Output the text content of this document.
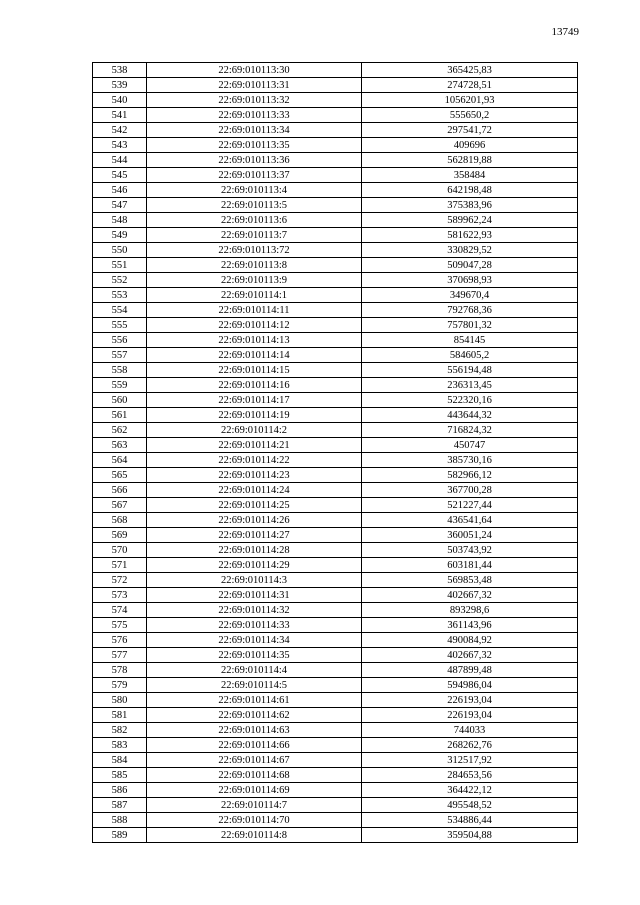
13749
538	22:69:010113:30	365425,83
539	22:69:010113:31	274728,51
540	22:69:010113:32	1056201,93
541	22:69:010113:33	555650,2
542	22:69:010113:34	297541,72
543	22:69:010113:35	409696
544	22:69:010113:36	562819,88
545	22:69:010113:37	358484
546	22:69:010113:4	642198,48
547	22:69:010113:5	375383,96
548	22:69:010113:6	589962,24
549	22:69:010113:7	581622,93
550	22:69:010113:72	330829,52
551	22:69:010113:8	509047,28
552	22:69:010113:9	370698,93
553	22:69:010114:1	349670,4
554	22:69:010114:11	792768,36
555	22:69:010114:12	757801,32
556	22:69:010114:13	854145
557	22:69:010114:14	584605,2
558	22:69:010114:15	556194,48
559	22:69:010114:16	236313,45
560	22:69:010114:17	522320,16
561	22:69:010114:19	443644,32
562	22:69:010114:2	716824,32
563	22:69:010114:21	450747
564	22:69:010114:22	385730,16
565	22:69:010114:23	582966,12
566	22:69:010114:24	367700,28
567	22:69:010114:25	521227,44
568	22:69:010114:26	436541,64
569	22:69:010114:27	360051,24
570	22:69:010114:28	503743,92
571	22:69:010114:29	603181,44
572	22:69:010114:3	569853,48
573	22:69:010114:31	402667,32
574	22:69:010114:32	893298,6
575	22:69:010114:33	361143,96
576	22:69:010114:34	490084,92
577	22:69:010114:35	402667,32
578	22:69:010114:4	487899,48
579	22:69:010114:5	594986,04
580	22:69:010114:61	226193,04
581	22:69:010114:62	226193,04
582	22:69:010114:63	744033
583	22:69:010114:66	268262,76
584	22:69:010114:67	312517,92
585	22:69:010114:68	284653,56
586	22:69:010114:69	364422,12
587	22:69:010114:7	495548,52
588	22:69:010114:70	534886,44
589	22:69:010114:8	359504,88
